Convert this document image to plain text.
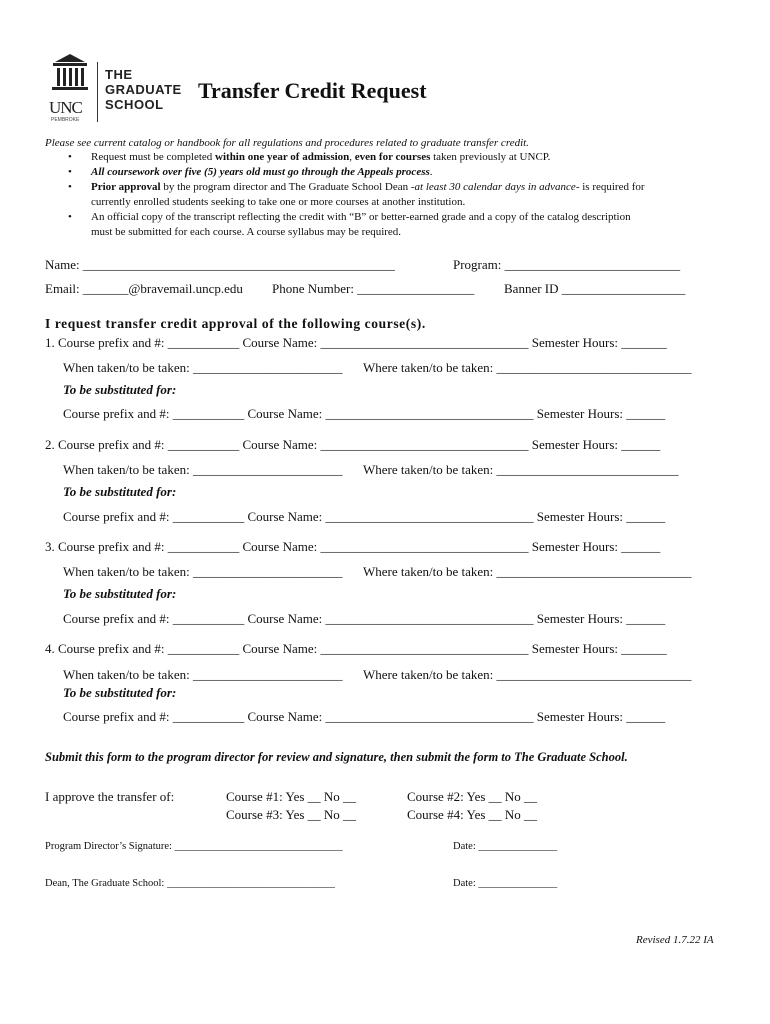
UNC
PEMBROKE
THE
GRADUATE
SCHOOL
Transfer Credit Request
Please see current catalog or handbook for all regulations and procedures related to graduate transfer credit.
• Request must be completed within one year of admission, even for courses taken previously at UNCP.
• All coursework over five (5) years old must go through the Appeals process.
• Prior approval by the program director and The Graduate School Dean -at least 30 calendar days in advance- is required for
currently enrolled students seeking to take one or more courses at another institution.
• An official copy of the transcript reflecting the credit with “B” or better-earned grade and a copy of the catalog description
must be submitted for each course. A course syllabus may be required.
Name: ________________________________________________	Program: ___________________________
Email: _______@bravemail.uncp.edu Phone Number: __________________ Banner ID ___________________
I request transfer credit approval of the following course(s).
1. Course prefix and #: ___________ Course Name: ________________________________ Semester Hours: _______
When taken/to be taken: _______________________ Where taken/to be taken: ______________________________
To be substituted for:
Course prefix and #: ___________ Course Name: ________________________________ Semester Hours: ______
2. Course prefix and #: ___________ Course Name: ________________________________ Semester Hours: ______
When taken/to be taken: _______________________ Where taken/to be taken: ____________________________
To be substituted for:
Course prefix and #: ___________ Course Name: ________________________________ Semester Hours: ______
3. Course prefix and #: ___________ Course Name: ________________________________ Semester Hours: ______
When taken/to be taken: _______________________ Where taken/to be taken: ______________________________
To be substituted for:
Course prefix and #: ___________ Course Name: ________________________________ Semester Hours: ______
4. Course prefix and #: ___________ Course Name: ________________________________ Semester Hours: _______
When taken/to be taken: _______________________ Where taken/to be taken: ______________________________
To be substituted for:
Course prefix and #: ___________ Course Name: ________________________________ Semester Hours: ______
Submit this form to the program director for review and signature, then submit the form to The Graduate School.
I approve the transfer of:	Course #1: Yes __ No __	Course #2: Yes __ No __
Course #3: Yes __ No __	Course #4: Yes __ No __
Program Director’s Signature: ________________________________	Date: _______________
Dean, The Graduate School: ________________________________	Date: _______________
Revised 1.7.22 IA
